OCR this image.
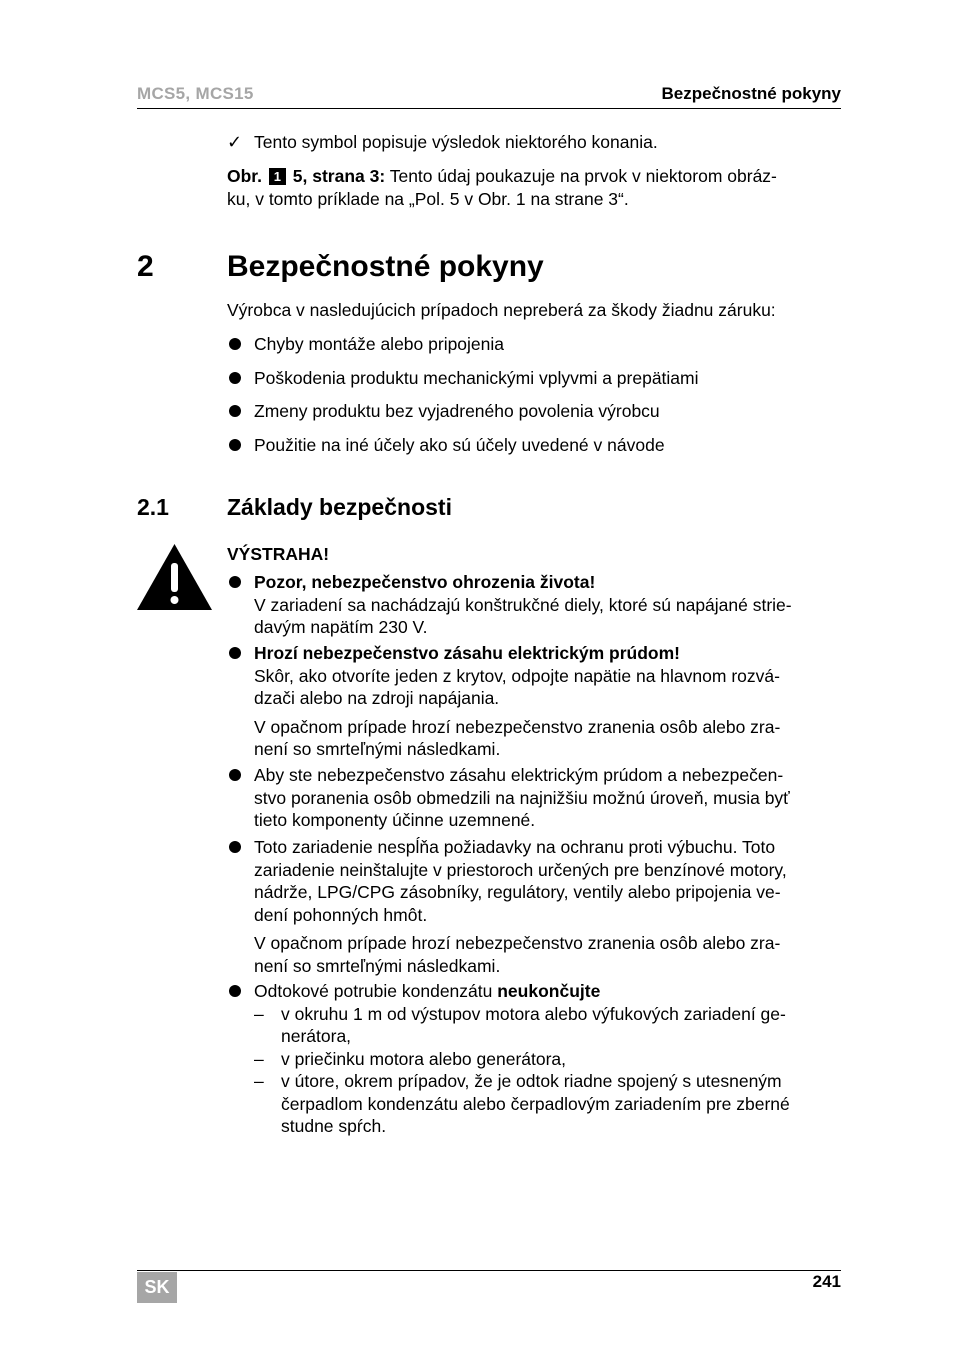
MCS5, MCS15	Bezpečnostné pokyny
✓ Tento symbol popisuje výsledok niektorého konania.

Obr. 1 5, strana 3: Tento údaj poukazuje na prvok v niektorom obráz-

ku, v tomto príklade na „Pol. 5 v Obr. 1 na strane 3“.

2 Bezpečnostné pokyny
Výrobca v nasledujúcich prípadoch nepreberá za škody žiadnu záruku:
Chyby montáže alebo pripojenia
Poškodenia produktu mechanickými vplyvmi a prepätiami
Zmeny produktu bez vyjadreného povolenia výrobcu
Použitie na iné účely ako sú účely uvedené v návode
2.1	Základy bezpečnosti
VÝSTRAHA!

Pozor, nebezpečenstvo ohrozenia života!

V zariadení sa nachádzajú konštrukčné diely, ktoré sú napájané strie-

davým napätím 230 V.

Hrozí nebezpečenstvo zásahu elektrickým prúdom!

Skôr, ako otvoríte jeden z krytov, odpojte napätie na hlavnom rozvá-

dzači alebo na zdroji napájania.

V opačnom prípade hrozí nebezpečenstvo zranenia osôb alebo zra-

není so smrteľnými následkami.

Aby ste nebezpečenstvo zásahu elektrickým prúdom a nebezpečen-

stvo poranenia osôb obmedzili na najnižšiu možnú úroveň, musia byť

tieto komponenty účinne uzemnené.

Toto zariadenie nespĺňa požiadavky na ochranu proti výbuchu. Toto

zariadenie neinštalujte v priestoroch určených pre benzínové motory,

nádrže, LPG/CPG zásobníky, regulátory, ventily alebo pripojenia ve-

dení pohonných hmôt.

V opačnom prípade hrozí nebezpečenstvo zranenia osôb alebo zra-

není so smrteľnými následkami.

Odtokové potrubie kondenzátu neukončujte

– v okruhu 1 m od výstupov motora alebo výfukových zariadení ge-

nerátora,

– v priečinku motora alebo generátora,

– v útore, okrem prípadov, že je odtok riadne spojený s utesneným

čerpadlom kondenzátu alebo čerpadlovým zariadením pre zberné

studne spŕch.

SK	241
